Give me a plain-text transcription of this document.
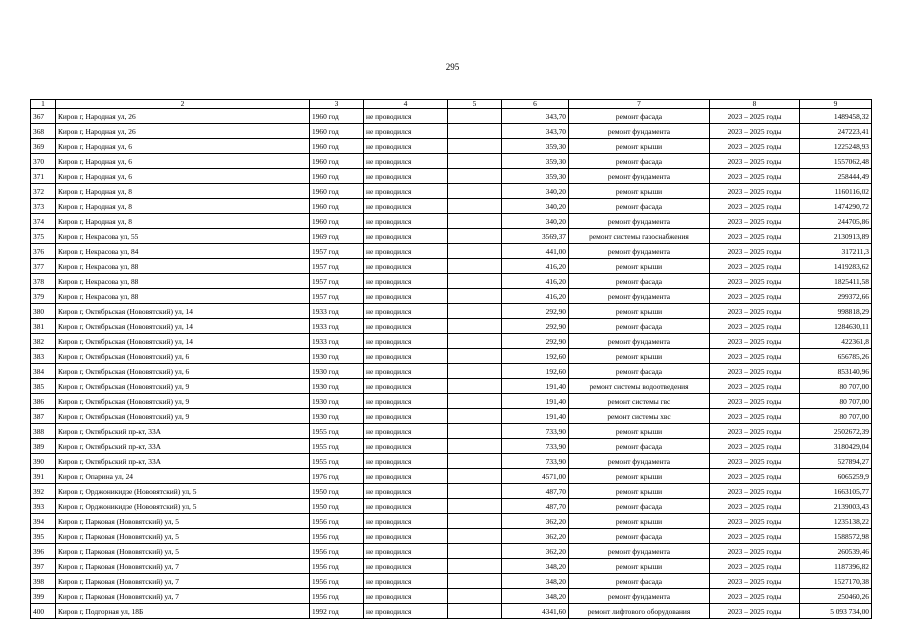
295
1	2	3	4	5	6	7	8	9
367	Киров г, Народная ул, 26	1960 год	не проводился		343,70	ремонт фасада	2023 – 2025 годы	1489458,32
368	Киров г, Народная ул, 26	1960 год	не проводился		343,70	ремонт фундамента	2023 – 2025 годы	247223,41
369	Киров г, Народная ул, 6	1960 год	не проводился		359,30	ремонт крыши	2023 – 2025 годы	1225248,93
370	Киров г, Народная ул, 6	1960 год	не проводился		359,30	ремонт фасада	2023 – 2025 годы	1557062,48
371	Киров г, Народная ул, 6	1960 год	не проводился		359,30	ремонт фундамента	2023 – 2025 годы	258444,49
372	Киров г, Народная ул, 8	1960 год	не проводился		340,20	ремонт крыши	2023 – 2025 годы	1160116,02
373	Киров г, Народная ул, 8	1960 год	не проводился		340,20	ремонт фасада	2023 – 2025 годы	1474290,72
374	Киров г, Народная ул, 8	1960 год	не проводился		340,20	ремонт фундамента	2023 – 2025 годы	244705,86
375	Киров г, Некрасова ул, 55	1969 год	не проводился		3569,37	ремонт системы газоснабжения	2023 – 2025 годы	2130913,89
376	Киров г, Некрасова ул, 84	1957 год	не проводился		441,00	ремонт фундамента	2023 – 2025 годы	317211,3
377	Киров г, Некрасова ул, 88	1957 год	не проводился		416,20	ремонт крыши	2023 – 2025 годы	1419283,62
378	Киров г, Некрасова ул, 88	1957 год	не проводился		416,20	ремонт фасада	2023 – 2025 годы	1825411,58
379	Киров г, Некрасова ул, 88	1957 год	не проводился		416,20	ремонт фундамента	2023 – 2025 годы	299372,66
380	Киров г, Октябрьская (Нововятский) ул, 14	1933 год	не проводился		292,90	ремонт крыши	2023 – 2025 годы	998818,29
381	Киров г, Октябрьская (Нововятский) ул, 14	1933 год	не проводился		292,90	ремонт фасада	2023 – 2025 годы	1284630,11
382	Киров г, Октябрьская (Нововятский) ул, 14	1933 год	не проводился		292,90	ремонт фундамента	2023 – 2025 годы	422361,8
383	Киров г, Октябрьская (Нововятский) ул, 6	1930 год	не проводился		192,60	ремонт крыши	2023 – 2025 годы	656785,26
384	Киров г, Октябрьская (Нововятский) ул, 6	1930 год	не проводился		192,60	ремонт фасада	2023 – 2025 годы	853140,96
385	Киров г, Октябрьская (Нововятский) ул, 9	1930 год	не проводился		191,40	ремонт системы водоотведения	2023 – 2025 годы	80 707,00
386	Киров г, Октябрьская (Нововятский) ул, 9	1930 год	не проводился		191,40	ремонт системы гвс	2023 – 2025 годы	80 707,00
387	Киров г, Октябрьская (Нововятский) ул, 9	1930 год	не проводился		191,40	ремонт системы хвс	2023 – 2025 годы	80 707,00
388	Киров г, Октябрьский пр-кт, 33А	1955 год	не проводился		733,90	ремонт крыши	2023 – 2025 годы	2502672,39
389	Киров г, Октябрьский пр-кт, 33А	1955 год	не проводился		733,90	ремонт фасада	2023 – 2025 годы	3180429,04
390	Киров г, Октябрьский пр-кт, 33А	1955 год	не проводился		733,90	ремонт фундамента	2023 – 2025 годы	527894,27
391	Киров г, Опарина ул, 24	1976 год	не проводился		4571,00	ремонт крыши	2023 – 2025 годы	6065259,9
392	Киров г, Орджоникидзе (Нововятский) ул, 5	1950 год	не проводился		487,70	ремонт крыши	2023 – 2025 годы	1663105,77
393	Киров г, Орджоникидзе (Нововятский) ул, 5	1950 год	не проводился		487,70	ремонт фасада	2023 – 2025 годы	2139003,43
394	Киров г, Парковая (Нововятский) ул, 5	1956 год	не проводился		362,20	ремонт крыши	2023 – 2025 годы	1235138,22
395	Киров г, Парковая (Нововятский) ул, 5	1956 год	не проводился		362,20	ремонт фасада	2023 – 2025 годы	1588572,98
396	Киров г, Парковая (Нововятский) ул, 5	1956 год	не проводился		362,20	ремонт фундамента	2023 – 2025 годы	260539,46
397	Киров г, Парковая (Нововятский) ул, 7	1956 год	не проводился		348,20	ремонт крыши	2023 – 2025 годы	1187396,82
398	Киров г, Парковая (Нововятский) ул, 7	1956 год	не проводился		348,20	ремонт фасада	2023 – 2025 годы	1527170,38
399	Киров г, Парковая (Нововятский) ул, 7	1956 год	не проводился		348,20	ремонт фундамента	2023 – 2025 годы	250460,26
400	Киров г, Подгорная ул, 18Б	1992 год	не проводился		4341,60	ремонт лифтового оборудования	2023 – 2025 годы	5 093 734,00
